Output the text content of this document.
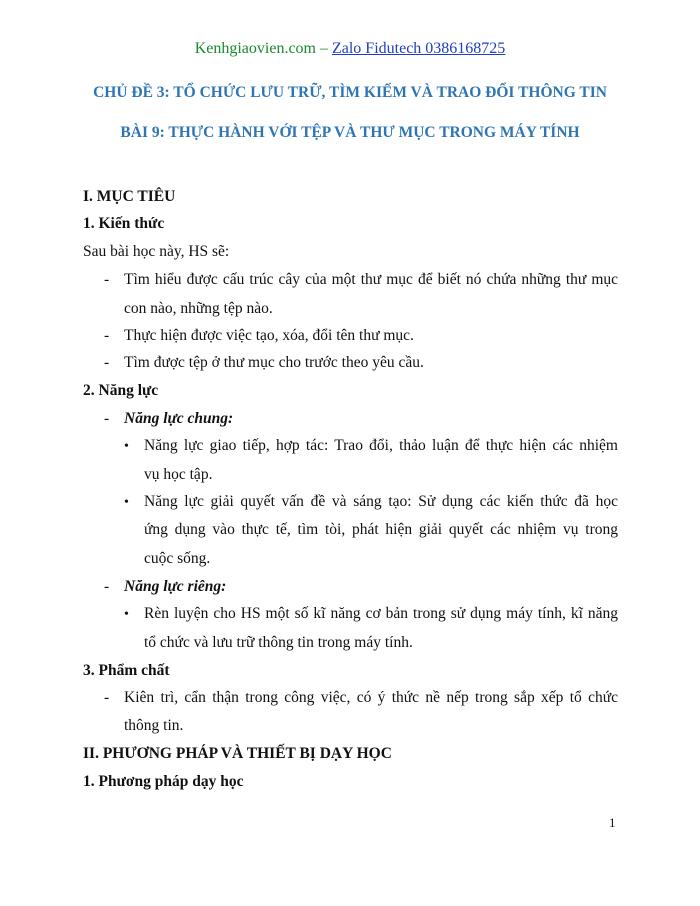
Kenhgiaovien.com – Zalo Fidutech 0386168725
CHỦ ĐỀ 3: TỔ CHỨC LƯU TRỮ, TÌM KIẾM VÀ TRAO ĐỔI THÔNG TIN
BÀI 9: THỰC HÀNH VỚI TỆP VÀ THƯ MỤC TRONG MÁY TÍNH
I. MỤC TIÊU
1. Kiến thức
Sau bài học này, HS sẽ:
- Tìm hiểu được cấu trúc cây của một thư mục để biết nó chứa những thư mục
con nào, những tệp nào.
- Thực hiện được việc tạo, xóa, đổi tên thư mục.
- Tìm được tệp ở thư mục cho trước theo yêu cầu.
2. Năng lực
- Năng lực chung:
• Năng lực giao tiếp, hợp tác: Trao đổi, thảo luận để thực hiện các nhiệm
vụ học tập.
• Năng lực giải quyết vấn đề và sáng tạo: Sử dụng các kiến thức đã học
ứng dụng vào thực tế, tìm tòi, phát hiện giải quyết các nhiệm vụ trong
cuộc sống.
- Năng lực riêng:
• Rèn luyện cho HS một số kĩ năng cơ bản trong sử dụng máy tính, kĩ năng
tổ chức và lưu trữ thông tin trong máy tính.
3. Phẩm chất
- Kiên trì, cẩn thận trong công việc, có ý thức nề nếp trong sắp xếp tổ chức
thông tin.
II. PHƯƠNG PHÁP VÀ THIẾT BỊ DẠY HỌC
1. Phương pháp dạy học
1
